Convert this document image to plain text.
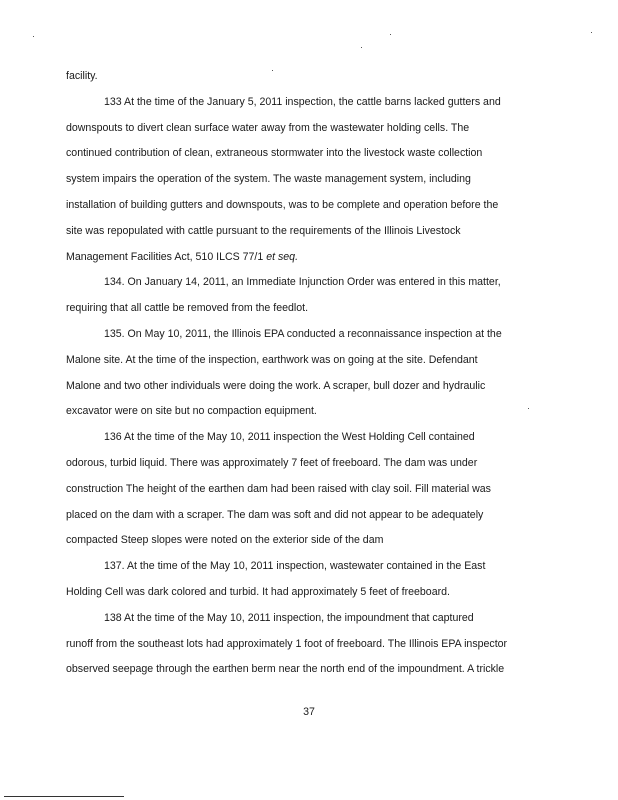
facility.
133 At the time of the January 5, 2011 inspection, the cattle barns lacked gutters and
downspouts to divert clean surface water away from the wastewater holding cells. The
continued contribution of clean, extraneous stormwater into the livestock waste collection
system impairs the operation of the system. The waste management system, including
installation of building gutters and downspouts, was to be complete and operation before the
site was repopulated with cattle pursuant to the requirements of the Illinois Livestock
Management Facilities Act, 510 ILCS 77/1 et seq.
134. On January 14, 2011, an Immediate Injunction Order was entered in this matter,
requiring that all cattle be removed from the feedlot.
135. On May 10, 2011, the Illinois EPA conducted a reconnaissance inspection at the
Malone site. At the time of the inspection, earthwork was on going at the site. Defendant
Malone and two other individuals were doing the work. A scraper, bull dozer and hydraulic
excavator were on site but no compaction equipment.
136 At the time of the May 10, 2011 inspection the West Holding Cell contained
odorous, turbid liquid. There was approximately 7 feet of freeboard. The dam was under
construction The height of the earthen dam had been raised with clay soil. Fill material was
placed on the dam with a scraper. The dam was soft and did not appear to be adequately
compacted Steep slopes were noted on the exterior side of the dam
137. At the time of the May 10, 2011 inspection, wastewater contained in the East
Holding Cell was dark colored and turbid. It had approximately 5 feet of freeboard.
138 At the time of the May 10, 2011 inspection, the impoundment that captured
runoff from the southeast lots had approximately 1 foot of freeboard. The Illinois EPA inspector
observed seepage through the earthen berm near the north end of the impoundment. A trickle
37
